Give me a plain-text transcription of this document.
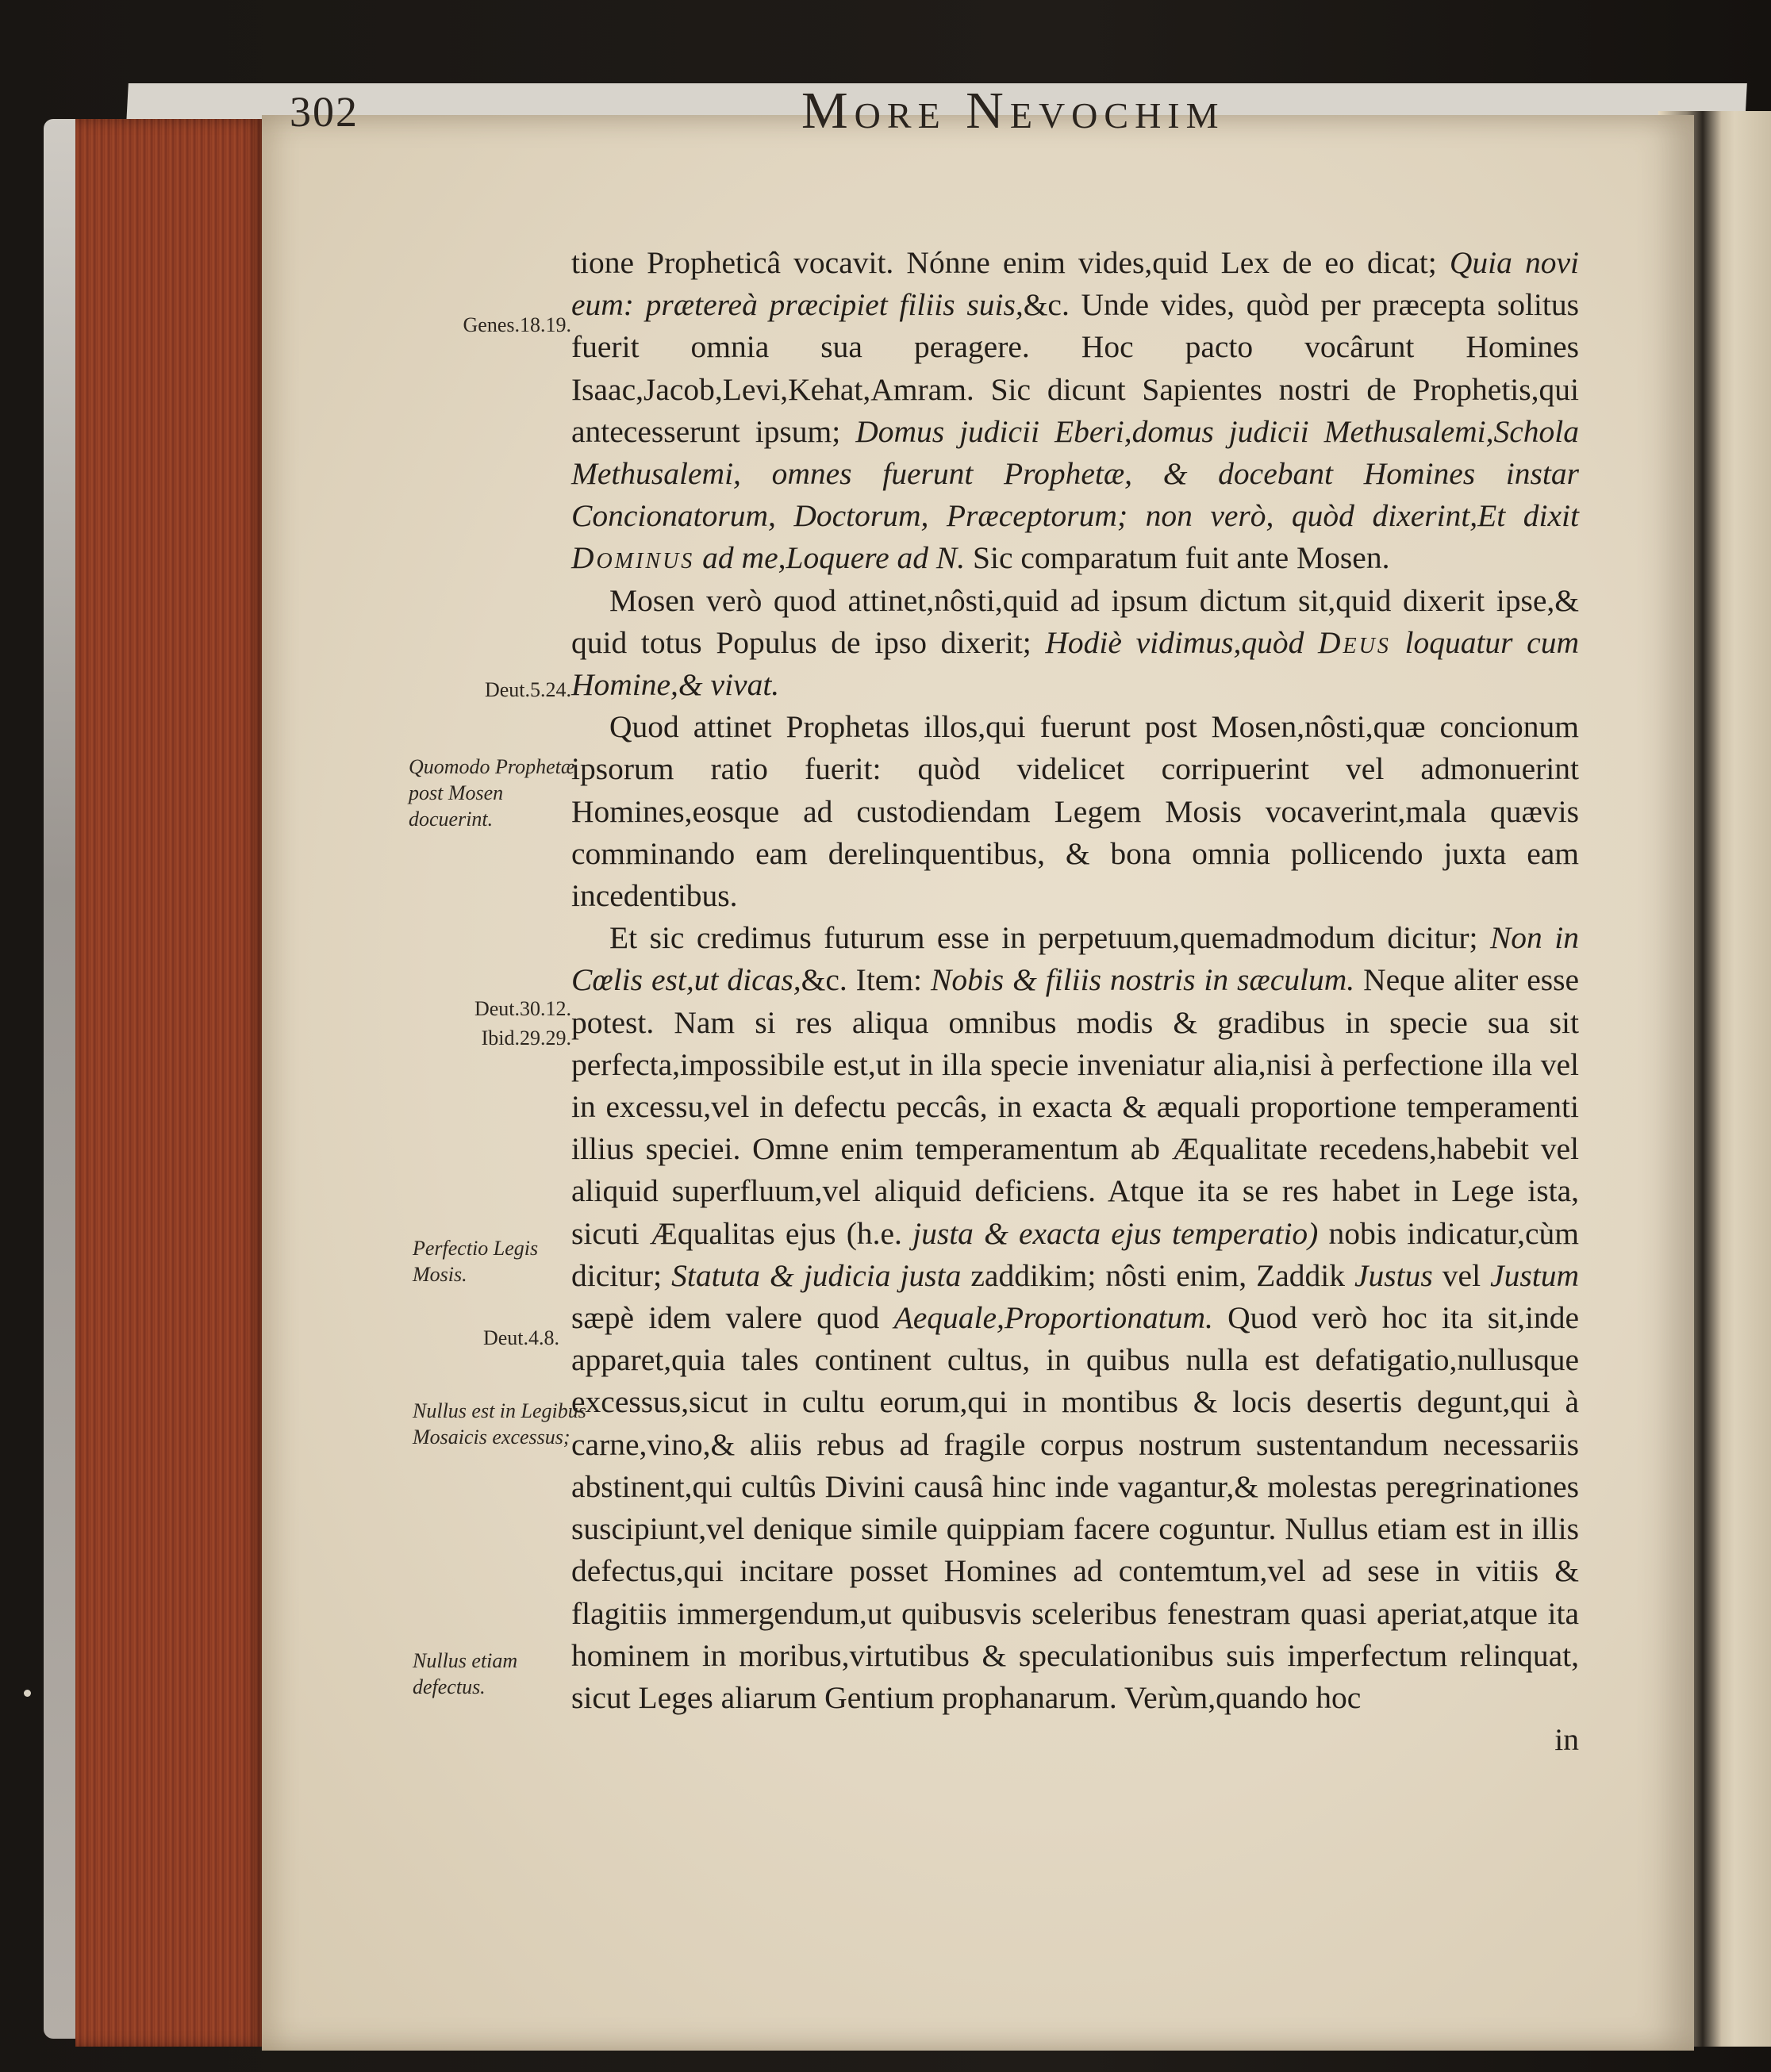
302	More Nevochim
Genes.18.19.
Deut.5.24.
Quomodo Prophetæ post Mosen docuerint.
Deut.30.12.
Ibid.29.29.
Perfectio Legis Mosis.
Deut.4.8.
Nullus est in Legibus Mosaicis excessus;
Nullus etiam defectus.

tione Propheticâ vocavit. Nónne enim vides,quid Lex de eo dicat; Quia novi eum: prætereà præcipiet filiis suis,&c. Unde vides, quòd per præcepta solitus fuerit omnia sua peragere. Hoc pacto vocârunt Homines Isaac,Jacob,Levi,Kehat,Amram. Sic dicunt Sapientes nostri de Prophetis,qui antecesserunt ipsum; Domus judicii Eberi,domus judicii Methusalemi,Schola Methusalemi, omnes fuerunt Prophetæ, & docebant Homines instar Concionatorum, Doctorum, Præceptorum; non verò, quòd dixerint,Et dixit Dominus ad me,Loquere ad N. Sic comparatum fuit ante Mosen.

Mosen verò quod attinet,nôsti,quid ad ipsum dictum sit,quid dixerit ipse,& quid totus Populus de ipso dixerit; Hodiè vidimus,quòd Deus loquatur cum Homine,& vivat.

Quod attinet Prophetas illos,qui fuerunt post Mosen,nôsti,quæ concionum ipsorum ratio fuerit: quòd videlicet corripuerint vel admonuerint Homines,eosque ad custodiendam Legem Mosis vocaverint,mala quævis comminando eam derelinquentibus, & bona omnia pollicendo juxta eam incedentibus.

Et sic credimus futurum esse in perpetuum,quemadmodum dicitur; Non in Cœlis est,ut dicas,&c. Item: Nobis & filiis nostris in sæculum. Neque aliter esse potest. Nam si res aliqua omnibus modis & gradibus in specie sua sit perfecta,impossibile est,ut in illa specie inveniatur alia,nisi à perfectione illa vel in excessu,vel in defectu peccâs, in exacta & æquali proportione temperamenti illius speciei. Omne enim temperamentum ab Æqualitate recedens,habebit vel aliquid superfluum,vel aliquid deficiens. Atque ita se res habet in Lege ista, sicuti Æqualitas ejus (h.e. justa & exacta ejus temperatio) nobis indicatur,cùm dicitur; Statuta & judicia justa zaddikim; nôsti enim, Zaddik Justus vel Justum sæpè idem valere quod Aequale,Proportionatum. Quod verò hoc ita sit,inde apparet,quia tales continent cultus, in quibus nulla est defatigatio,nullusque excessus,sicut in cultu eorum,qui in montibus & locis desertis degunt,qui à carne,vino,& aliis rebus ad fragile corpus nostrum sustentandum necessariis abstinent,qui cultûs Divini causâ hinc inde vagantur,& molestas peregrinationes suscipiunt,vel denique simile quippiam facere coguntur. Nullus etiam est in illis defectus,qui incitare posset Homines ad contemtum,vel ad sese in vitiis & flagitiis immergendum,ut quibusvis sceleribus fenestram quasi aperiat,atque ita hominem in moribus,virtutibus & speculationibus suis imperfectum relinquat, sicut Leges aliarum Gentium prophanarum. Verùm,quando hoc

in
